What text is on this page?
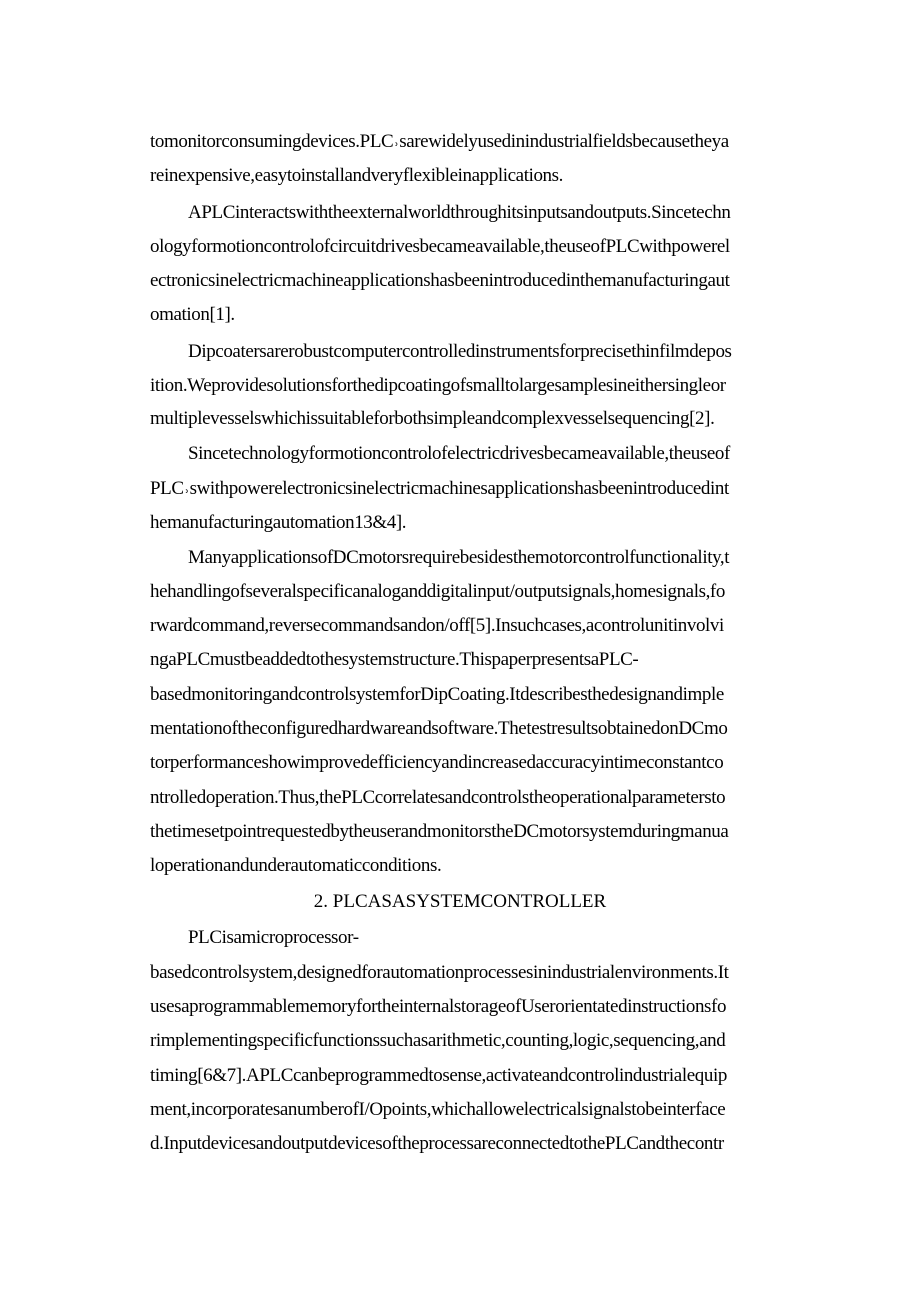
tomonitorconsumingdevices.PLC˒sarewidelyusedinindustrialfieldsbecausetheya
reinexpensive,easytoinstallandveryflexibleinapplications.
APLCinteractswiththeexternalworldthroughitsinputsandoutputs.Sincetechn
ologyformotioncontrolofcircuitdrivesbecameavailable,theuseofPLCwithpowerel
ectronicsinelectricmachineapplicationshasbeenintroducedinthemanufacturingaut
omation[1].
Dipcoatersarerobustcomputercontrolledinstrumentsforprecisethinfilmdepos
ition.Weprovidesolutionsforthedipcoatingofsmalltolargesamplesineithersingleor
multiplevesselswhichissuitableforbothsimpleandcomplexvesselsequencing[2].
Sincetechnologyformotioncontrolofelectricdrivesbecameavailable,theuseof
PLC˒swithpowerelectronicsinelectricmachinesapplicationshasbeenintroducedint
hemanufacturingautomation13&4].
ManyapplicationsofDCmotorsrequirebesidesthemotorcontrolfunctionality,t
hehandlingofseveralspecificanaloganddigitalinput/outputsignals,homesignals,fo
rwardcommand,reversecommandsandon/off[5].Insuchcases,acontrolunitinvolvi
ngaPLCmustbeaddedtothesystemstructure.ThispaperpresentsaPLC-
basedmonitoringandcontrolsystemforDipCoating.Itdescribesthedesignandimple
mentationoftheconfiguredhardwareandsoftware.ThetestresultsobtainedonDCmo
torperformanceshowimprovedefficiencyandincreasedaccuracyintimeconstantco
ntrolledoperation.Thus,thePLCcorrelatesandcontrolstheoperationalparametersto
thetimesetpointrequestedbytheuserandmonitorstheDCmotorsystemduringmanua
loperationandunderautomaticconditions.
2. PLCASASYSTEMCONTROLLER
PLCisamicroprocessor-
basedcontrolsystem,designedforautomationprocessesinindustrialenvironments.It
usesaprogrammablememoryfortheinternalstorageofUserorientatedinstructionsfo
rimplementingspecificfunctionssuchasarithmetic,counting,logic,sequencing,and
timing[6&7].APLCcanbeprogrammedtosense,activateandcontrolindustrialequip
ment,incorporatesanumberofI/Opoints,whichallowelectricalsignalstobeinterface
d.InputdevicesandoutputdevicesoftheprocessareconnectedtothePLCandthecontr
